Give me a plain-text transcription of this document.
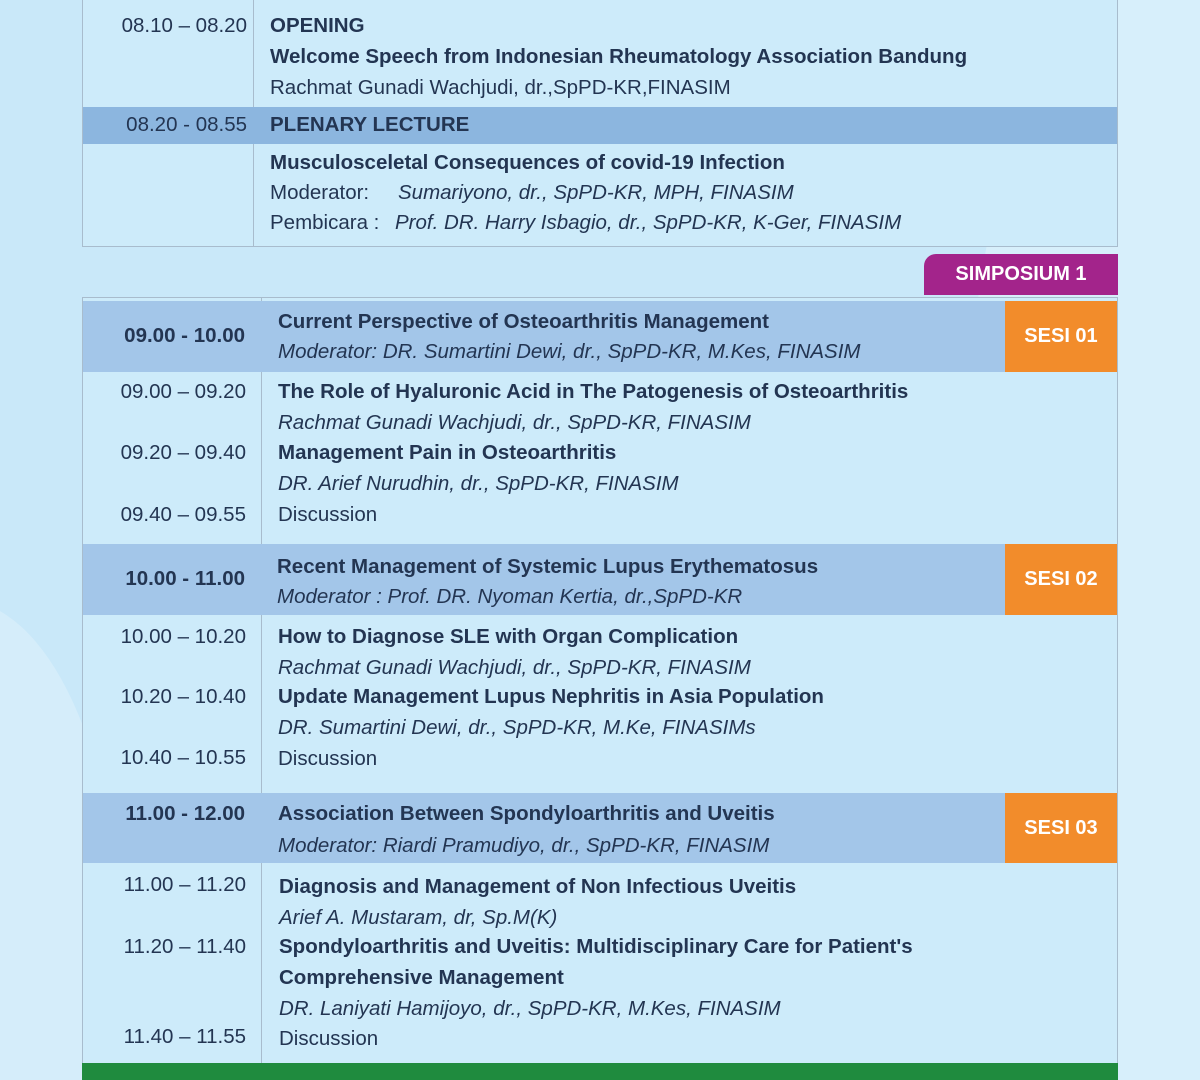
08.10 – 08.20 OPENING
Welcome Speech from Indonesian Rheumatology Association Bandung
Rachmat Gunadi Wachjudi, dr.,SpPD-KR,FINASIM
08.20 - 08.55 PLENARY LECTURE
Musculosceletal Consequences of covid-19 Infection
Moderator: Sumariyono, dr., SpPD-KR, MPH, FINASIM
Pembicara : Prof. DR. Harry Isbagio, dr., SpPD-KR, K-Ger, FINASIM
SIMPOSIUM 1
09.00 - 10.00
Current Perspective of Osteoarthritis Management
Moderator: DR. Sumartini Dewi, dr., SpPD-KR, M.Kes, FINASIM
SESI 01
09.00 – 09.20 The Role of Hyaluronic Acid in The Patogenesis of Osteoarthritis
Rachmat Gunadi Wachjudi, dr., SpPD-KR, FINASIM
09.20 – 09.40 Management Pain in Osteoarthritis
DR. Arief Nurudhin, dr., SpPD-KR, FINASIM
09.40 – 09.55 Discussion
10.00 - 11.00
Recent Management of Systemic Lupus Erythematosus
Moderator : Prof. DR. Nyoman Kertia, dr.,SpPD-KR
SESI 02
10.00 – 10.20 How to Diagnose SLE with Organ Complication
Rachmat Gunadi Wachjudi, dr., SpPD-KR, FINASIM
10.20 – 10.40 Update Management Lupus Nephritis in Asia Population
DR. Sumartini Dewi, dr., SpPD-KR, M.Ke, FINASIMs
10.40 – 10.55 Discussion
11.00 - 12.00 Association Between Spondyloarthritis and Uveitis
Moderator: Riardi Pramudiyo, dr., SpPD-KR, FINASIM
SESI 03
11.00 – 11.20 Diagnosis and Management of Non Infectious Uveitis
Arief A. Mustaram, dr, Sp.M(K)
11.20 – 11.40 Spondyloarthritis and Uveitis: Multidisciplinary Care for Patient's
Comprehensive Management
DR. Laniyati Hamijoyo, dr., SpPD-KR, M.Kes, FINASIM
11.40 – 11.55 Discussion
